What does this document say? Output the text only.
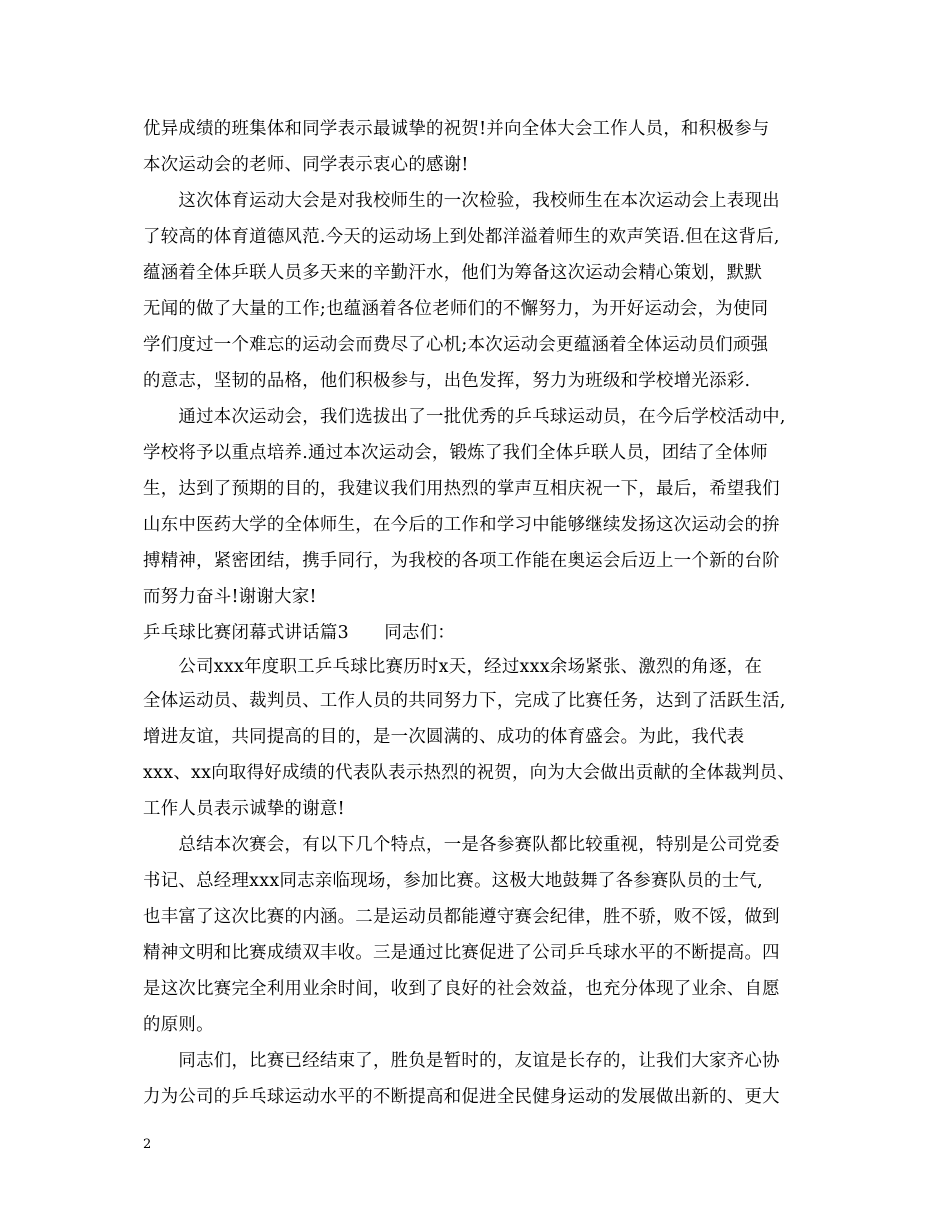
优异成绩的班集体和同学表示最诚挚的祝贺!并向全体大会工作人员，和积极参与
本次运动会的老师、同学表示衷心的感谢!
　　这次体育运动大会是对我校师生的一次检验，我校师生在本次运动会上表现出
了较高的体育道德风范.今天的运动场上到处都洋溢着师生的欢声笑语.但在这背后,
蕴涵着全体乒联人员多天来的辛勤汗水，他们为筹备这次运动会精心策划，默默
无闻的做了大量的工作;也蕴涵着各位老师们的不懈努力，为开好运动会，为使同
学们度过一个难忘的运动会而费尽了心机;本次运动会更蕴涵着全体运动员们顽强
的意志，坚韧的品格，他们积极参与，出色发挥，努力为班级和学校增光添彩.
　　通过本次运动会，我们选拔出了一批优秀的乒乓球运动员，在今后学校活动中,
学校将予以重点培养.通过本次运动会，锻炼了我们全体乒联人员，团结了全体师
生，达到了预期的目的，我建议我们用热烈的掌声互相庆祝一下，最后，希望我们
山东中医药大学的全体师生，在今后的工作和学习中能够继续发扬这次运动会的拚
搏精神，紧密团结，携手同行，为我校的各项工作能在奥运会后迈上一个新的台阶
而努力奋斗!谢谢大家!
乒乓球比赛闭幕式讲话篇3　　同志们：
　　公司xxx年度职工乒乓球比赛历时x天，经过xxx余场紧张、激烈的角逐，在
全体运动员、裁判员、工作人员的共同努力下，完成了比赛任务，达到了活跃生活,
增进友谊，共同提高的目的，是一次圆满的、成功的体育盛会。为此，我代表
xxx、xx向取得好成绩的代表队表示热烈的祝贺，向为大会做出贡献的全体裁判员、
工作人员表示诚挚的谢意!
　　总结本次赛会，有以下几个特点，一是各参赛队都比较重视，特别是公司党委
书记、总经理xxx同志亲临现场，参加比赛。这极大地鼓舞了各参赛队员的士气,
也丰富了这次比赛的内涵。二是运动员都能遵守赛会纪律，胜不骄，败不馁，做到
精神文明和比赛成绩双丰收。三是通过比赛促进了公司乒乓球水平的不断提高。四
是这次比赛完全利用业余时间，收到了良好的社会效益，也充分体现了业余、自愿
的原则。
　　同志们，比赛已经结束了，胜负是暂时的，友谊是长存的，让我们大家齐心协
力为公司的乒乓球运动水平的不断提高和促进全民健身运动的发展做出新的、更大
2
